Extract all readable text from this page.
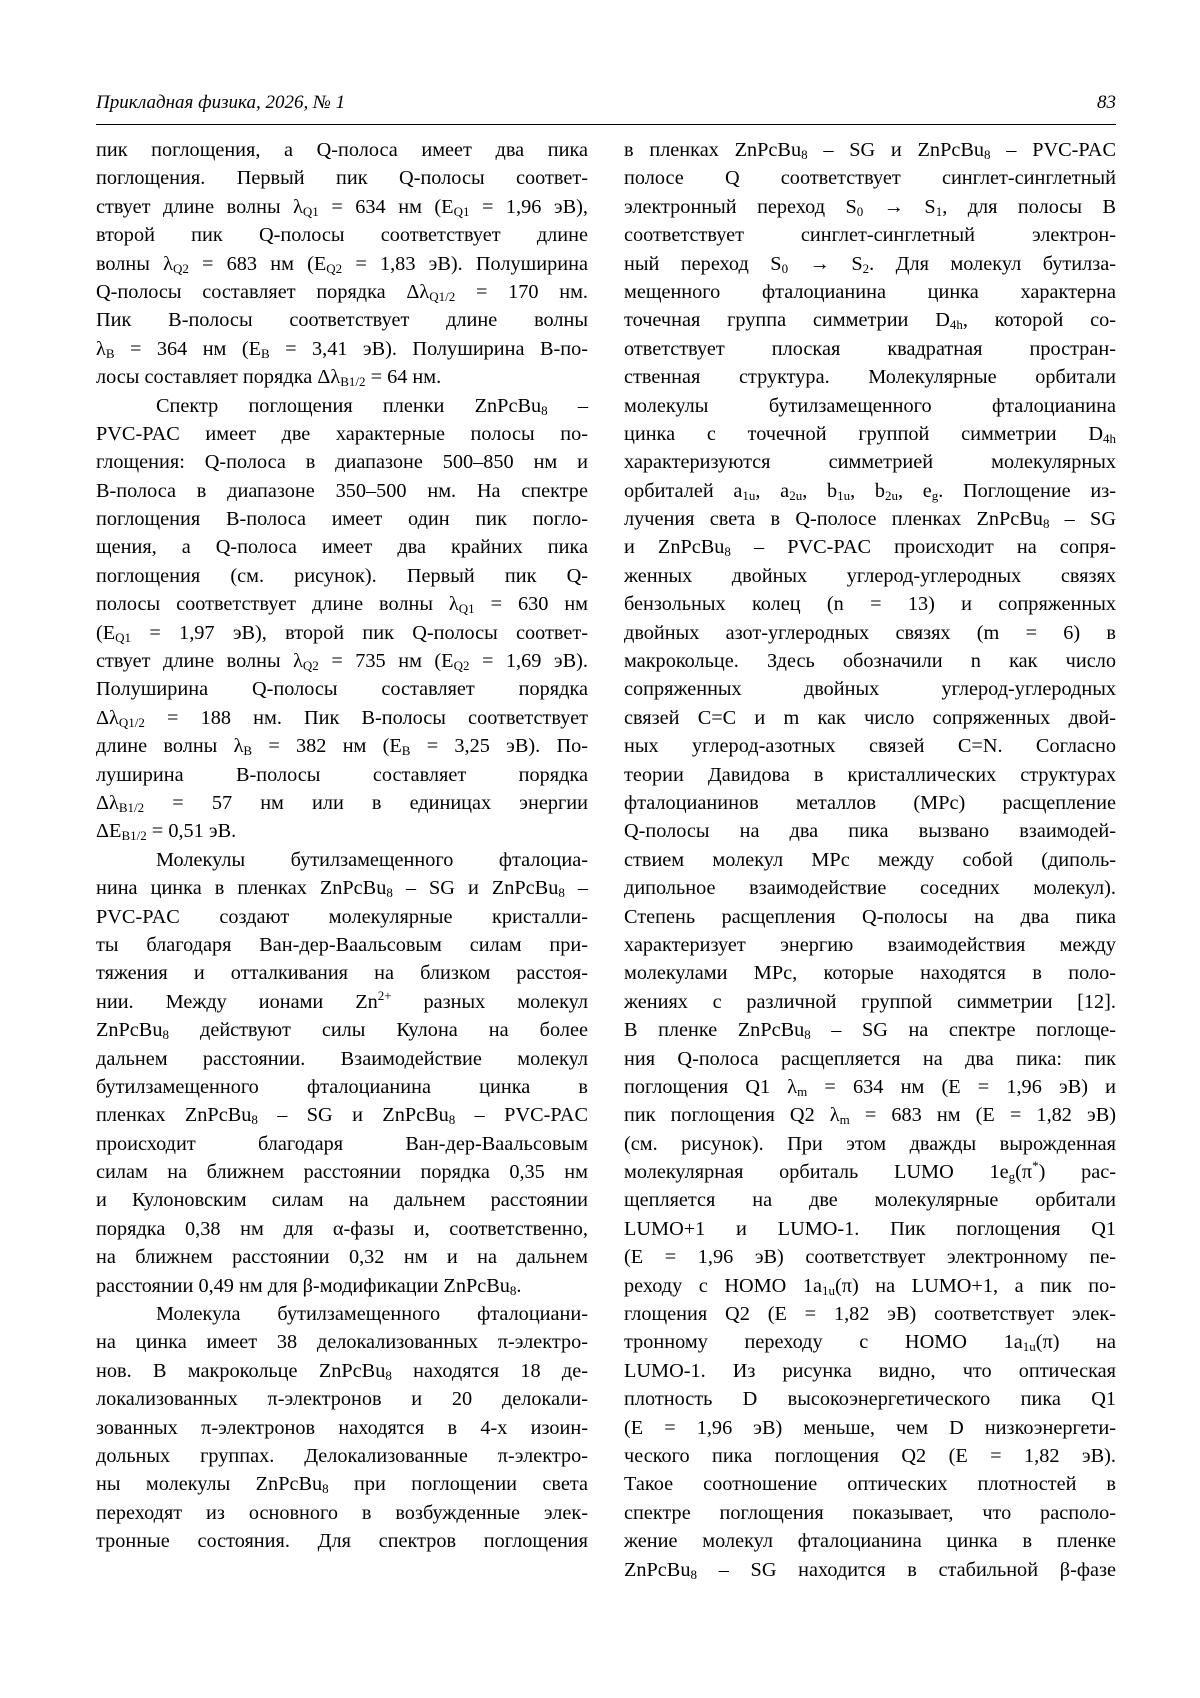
Прикладная физика, 2026, № 1	83
пик поглощения, а Q-полоса имеет два пика
поглощения. Первый пик Q-полосы соответ-
ствует длине волны $\lambda_{Q1} = 634$ нм ($E_{Q1} = 1,96$ эВ),
второй пик Q-полосы соответствует длине
волны $\lambda_{Q2} = 683$ нм ($E_{Q2} = 1,83$ эВ). Полуширина
Q-полосы составляет порядка $\Delta\lambda_{Q1/2} = 170$ нм.
Пик B-полосы соответствует длине волны
$\lambda_B = 364$ нм ($E_B = 3,41$ эВ). Полуширина B-по-
лосы составляет порядка $\Delta\lambda_{B1/2} = 64$ нм.
Спектр поглощения пленки ZnPcBu$_8$ –
PVC-PAC имеет две характерные полосы по-
глощения: Q-полоса в диапазоне 500–850 нм и
B-полоса в диапазоне 350–500 нм. На спектре
поглощения B-полоса имеет один пик погло-
щения, а Q-полоса имеет два крайних пика
поглощения (см. рисунок). Первый пик Q-
полосы соответствует длине волны $\lambda_{Q1} = 630$ нм
($E_{Q1} = 1,97$ эВ), второй пик Q-полосы соответ-
ствует длине волны $\lambda_{Q2} = 735$ нм ($E_{Q2} = 1,69$ эВ).
Полуширина Q-полосы составляет порядка
$\Delta\lambda_{Q1/2} = 188$ нм. Пик B-полосы соответствует
длине волны $\lambda_B = 382$ нм ($E_B = 3,25$ эВ). По-
луширина B-полосы составляет порядка
$\Delta\lambda_{B1/2} = 57$ нм или в единицах энергии
$\Delta E_{B1/2} = 0,51$ эВ.
Молекулы бутилзамещенного фталоциа-
нина цинка в пленках ZnPcBu$_8$ – SG и ZnPcBu$_8$ –
PVC-PAC создают молекулярные кристалли-
ты благодаря Ван-дер-Ваальсовым силам при-
тяжения и отталкивания на близком расстоя-
нии. Между ионами $Zn^{2+}$ разных молекул
ZnPcBu$_8$ действуют силы Кулона на более
дальнем расстоянии. Взаимодействие молекул
бутилзамещенного фталоцианина цинка в
пленках ZnPcBu$_8$ – SG и ZnPcBu$_8$ – PVC-PAC
происходит благодаря Ван-дер-Ваальсовым
силам на ближнем расстоянии порядка 0,35 нм
и Кулоновским силам на дальнем расстоянии
порядка 0,38 нм для α-фазы и, соответственно,
на ближнем расстоянии 0,32 нм и на дальнем
расстоянии 0,49 нм для β-модификации ZnPcBu$_8$.
Молекула бутилзамещенного фталоциани-
на цинка имеет 38 делокализованных π-электро-
нов. В макрокольце ZnPcBu$_8$ находятся 18 де-
локализованных π-электронов и 20 делокали-
зованных π-электронов находятся в 4-х изоин-
дольных группах. Делокализованные π-электро-
ны молекулы ZnPcBu$_8$ при поглощении света
переходят из основного в возбужденные элек-
тронные состояния. Для спектров поглощения
в пленках ZnPcBu$_8$ – SG и ZnPcBu$_8$ – PVC-PAC
полосе Q соответствует синглет-синглетный
электронный переход $S_0 \to S_1$, для полосы B
соответствует синглет-синглетный электрон-
ный переход $S_0 \to S_2$. Для молекул бутилза-
мещенного фталоцианина цинка характерна
точечная группа симметрии $D_{4h}$, которой со-
ответствует плоская квадратная простран-
ственная структура. Молекулярные орбитали
молекулы бутилзамещенного фталоцианина
цинка с точечной группой симметрии $D_{4h}$
характеризуются симметрией молекулярных
орбиталей $a_{1u}$, $a_{2u}$, $b_{1u}$, $b_{2u}$, $e_g$. Поглощение из-
лучения света в Q-полосе пленках ZnPcBu$_8$ – SG
и ZnPcBu$_8$ – PVC-PAC происходит на сопря-
женных двойных углерод-углеродных связях
бензольных колец (n = 13) и сопряженных
двойных азот-углеродных связях (m = 6) в
макрокольце. Здесь обозначили n как число
сопряженных двойных углерод-углеродных
связей C=C и m как число сопряженных двой-
ных углерод-азотных связей C=N. Согласно
теории Давидова в кристаллических структурах
фталоцианинов металлов (MPc) расщепление
Q-полосы на два пика вызвано взаимодей-
ствием молекул MPc между собой (диполь-
дипольное взаимодействие соседних молекул).
Степень расщепления Q-полосы на два пика
характеризует энергию взаимодействия между
молекулами MPc, которые находятся в поло-
жениях с различной группой симметрии [12].
В пленке ZnPcBu$_8$ – SG на спектре поглоще-
ния Q-полоса расщепляется на два пика: пик
поглощения Q1 $\lambda_m = 634$ нм (E = 1,96 эВ) и
пик поглощения Q2 $\lambda_m = 683$ нм (E = 1,82 эВ)
(см. рисунок). При этом дважды вырожденная
молекулярная орбиталь LUMO $1e_g(\pi^*)$ рас-
щепляется на две молекулярные орбитали
LUMO+1 и LUMO-1. Пик поглощения Q1
(E = 1,96 эВ) соответствует электронному пе-
реходу с HOMO $1a_{1u}(\pi)$ на LUMO+1, а пик по-
глощения Q2 (E = 1,82 эВ) соответствует элек-
тронному переходу с HOMO $1a_{1u}(\pi)$ на
LUMO-1. Из рисунка видно, что оптическая
плотность D высокоэнергетического пика Q1
(E = 1,96 эВ) меньше, чем D низкоэнергети-
ческого пика поглощения Q2 (E = 1,82 эВ).
Такое соотношение оптических плотностей в
спектре поглощения показывает, что располо-
жение молекул фталоцианина цинка в пленке
ZnPcBu$_8$ – SG находится в стабильной β-фазе
